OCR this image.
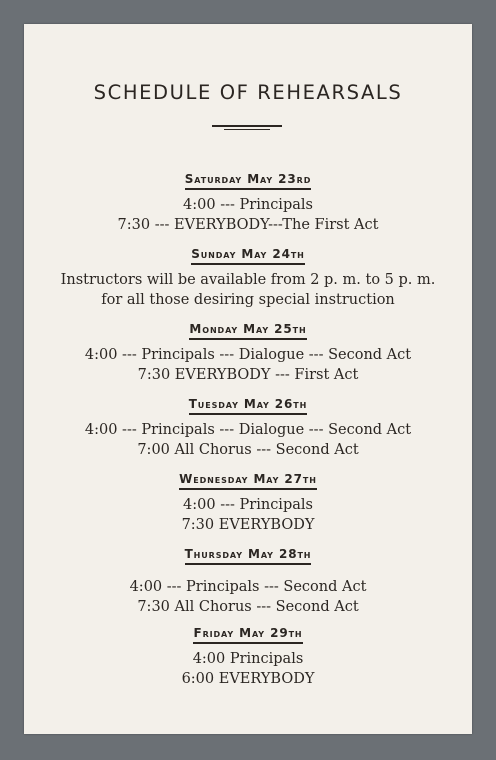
SCHEDULE OF REHEARSALS
Saturday May 23rd
4:00 --- Principals
7:30 --- EVERYBODY---The First Act
Sunday May 24th
Instructors will be available from 2 p. m. to 5 p. m.
for all those desiring special instruction
Monday May 25th
4:00 --- Principals --- Dialogue --- Second Act
7:30 EVERYBODY --- First Act
Tuesday May 26th
4:00 --- Principals --- Dialogue --- Second Act
7:00 All Chorus --- Second Act
Wednesday May 27th
4:00 --- Principals
7:30 EVERYBODY
Thursday May 28th
4:00 --- Principals --- Second Act
7:30 All Chorus --- Second Act
Friday May 29th
4:00 Principals
6:00 EVERYBODY
